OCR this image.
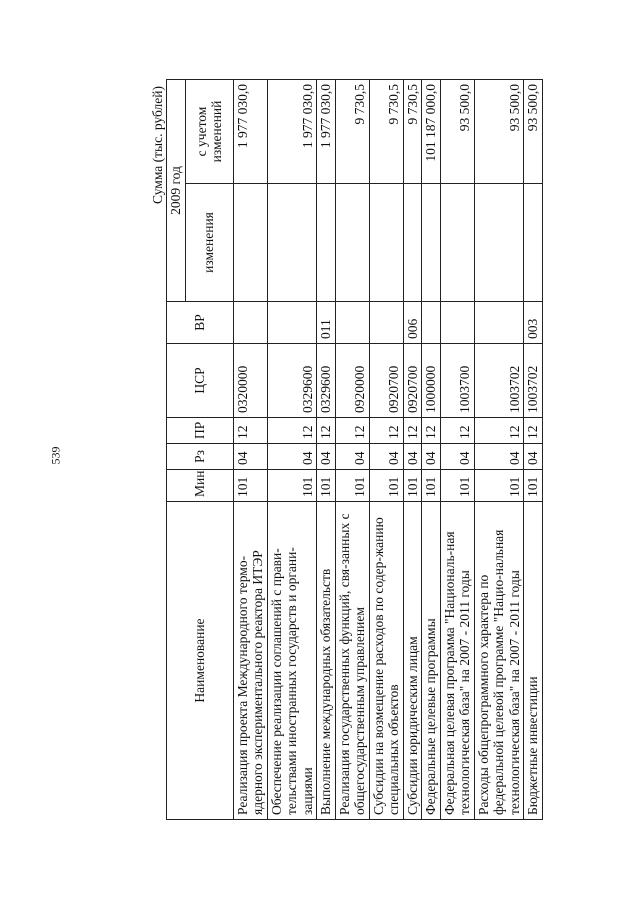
539
Сумма (тыс. рублей)
Наименование	Мин	Рз	ПР	ЦСР	ВР	2009 год	
						изменения	с учетом изменений
Реализация проекта Международного термо-ядерного экспериментального реактора ИТЭР	101	04	12	0320000			1 977 030,0
Обеспечение реализации соглашений с прави-тельствами иностранных государств и органи-зациями	101	04	12	0329600			1 977 030,0
Выполнение международных обязательств	101	04	12	0329600	011		1 977 030,0
Реализация государственных функций, свя-занных с общегосударственным управлением	101	04	12	0920000			9 730,5
Субсидии на возмещение расходов по содер-жанию специальных объектов	101	04	12	0920700			9 730,5
Субсидии юридическим лицам	101	04	12	0920700	006		9 730,5
Федеральные целевые программы	101	04	12	1000000			101 187 000,0
Федеральная целевая программа "Националь-ная технологическая база" на 2007 - 2011 годы	101	04	12	1003700			93 500,0
Расходы общепрограммного характера по федеральной целевой программе "Нацио-нальная технологическая база" на 2007 - 2011 годы	101	04	12	1003702			93 500,0
Бюджетные инвестиции	101	04	12	1003702	003		93 500,0
